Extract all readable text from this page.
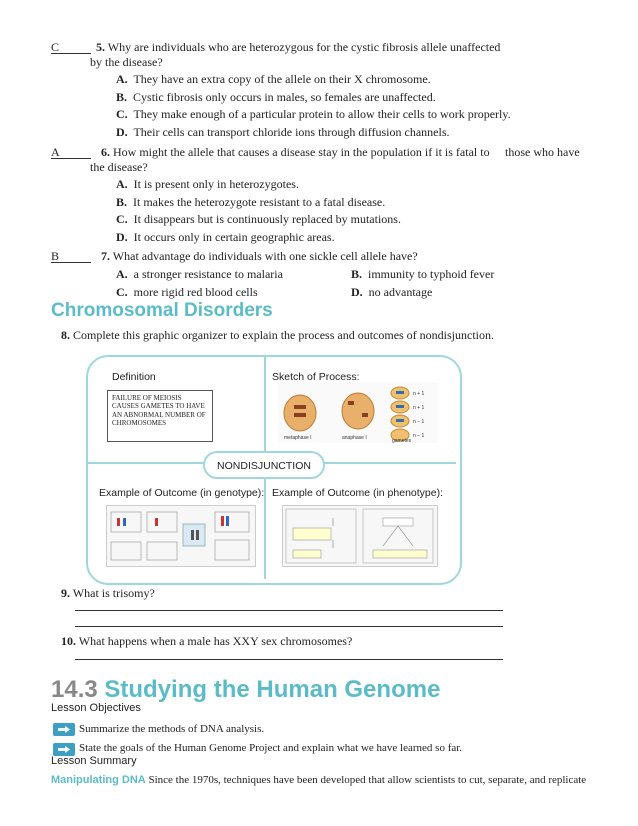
C	5. Why are individuals who are heterozygous for the cystic fibrosis allele unaffected
by the disease?
A. They have an extra copy of the allele on their X chromosome.
B. Cystic fibrosis only occurs in males, so females are unaffected.
C. They make enough of a particular protein to allow their cells to work properly.
D. Their cells can transport chloride ions through diffusion channels.
A	6. How might the allele that causes a disease stay in the population if it is fatal to those who have
the disease?
A. It is present only in heterozygotes.
B. It makes the heterozygote resistant to a fatal disease.
C. It disappears but is continuously replaced by mutations.
D. It occurs only in certain geographic areas.
B	7. What advantage do individuals with one sickle cell allele have?
A. a stronger resistance to malaria	B. immunity to typhoid fever
C. more rigid red blood cells	D. no advantage
Chromosomal Disorders
8. Complete this graphic organizer to explain the process and outcomes of nondisjunction.
Definition
FAILURE OF MEIOSIS CAUSES GAMETES TO HAVE AN ABNORMAL NUMBER OF CHROMOSOMES
Sketch of Process:
n + 1
n + 1
n − 1
n − 1
metaphase I	anaphase I	gametes
NONDISJUNCTION
Example of Outcome (in genotype): Example of Outcome (in phenotype):
9. What is trisomy?
10. What happens when a male has XXY sex chromosomes?
14.3 Studying the Human Genome
Lesson Objectives
Summarize the methods of DNA analysis.
State the goals of the Human Genome Project and explain what we have learned so far.
Lesson Summary
Manipulating DNA Since the 1970s, techniques have been developed that allow scientists to cut, separate, and replicate
